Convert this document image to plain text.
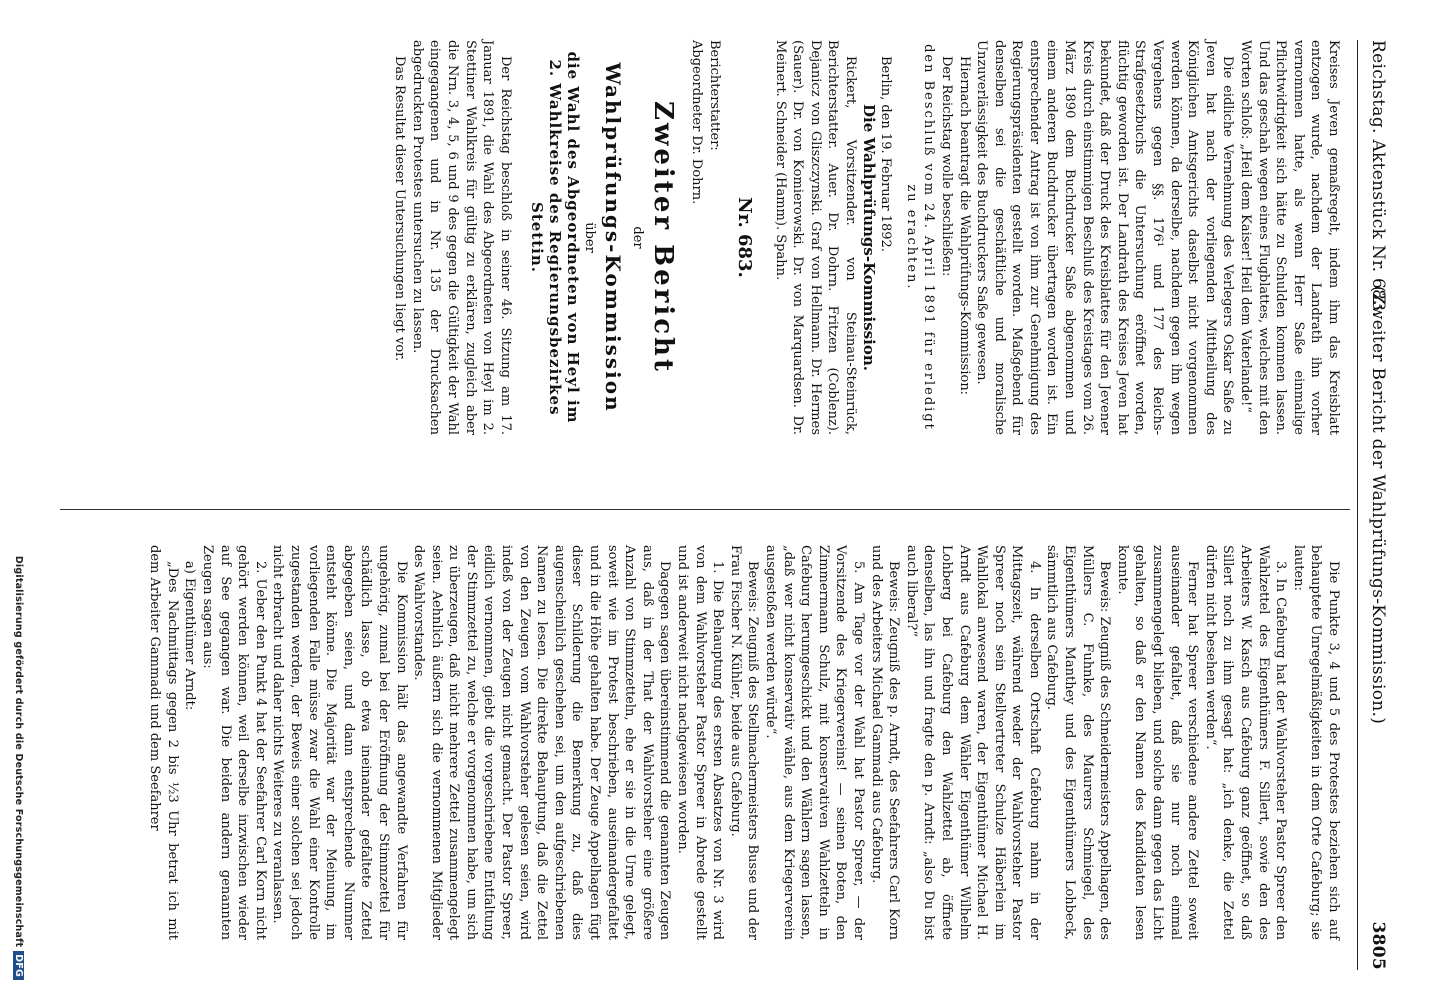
Reichstag. Aktenstück Nr. 683.
(Zweiter Bericht der Wahlprüfungs-Kommission.)
3805

Kreises Jeven gemaßregelt, indem ihm das Kreisblatt entzogen wurde, nachdem der Landrath ihn vorher vernommen hatte, als wenn Herr Saße einmalige Pflichtwidrigkeit sich hätte zu Schulden kommen lassen. Und das geschah wegen eines Flugblattes, welches mit den Worten schloß: „Heil dem Kaiser! Heil dem Vaterlande!“

Die eidliche Vernehmung des Verlegers Oskar Saße zu Jeven hat nach der vorliegenden Mittheilung des Königlichen Amtsgerichts daselbst nicht vorgenommen werden können, da derselbe, nachdem gegen ihn wegen Vergehens gegen §§. 176¹ und 177 des Reichs-Strafgesetzbuchs die Untersuchung eröffnet worden, flüchtig geworden ist. Der Landrath des Kreises Jeven hat bekundet, daß der Druck des Kreisblattes für den Jevener Kreis durch einstimmigen Beschluß des Kreistages vom 26. März 1890 dem Buchdrucker Saße abgenommen und einem anderen Buchdrucker übertragen worden ist. Ein entsprechender Antrag ist von ihm zur Genehmigung des Regierungspräsidenten gestellt worden. Maßgebend für denselben sei die geschäftliche und moralische Unzuverlässigkeit des Buchdruckers Saße gewesen.

Hiernach beantragt die Wahlprüfungs-Kommission:

Der Reichstag wolle beschließen:

den Beschluß vom 24. April 1891 für erledigt zu erachten.

Berlin, den 19. Februar 1892.

Die Wahlprüfungs-Kommission.

Rickert, Vorsitzender. von Steinau-Steinrück, Berichterstatter. Auer. Dr. Dohrn. Fritzen (Coblenz). Dejanicz von Gliszczynski. Graf von Hellmann. Dr. Hermes (Sauer). Dr. von Komierowski. Dr. von Marquardsen. Dr. Meinert. Schneider (Hamm). Spahn.

Nr. 683.

Berichterstatter:

Abgeordneter Dr. Dohrn.

Zweiter Bericht

der

Wahlprüfungs-Kommission

über

die Wahl des Abgeordneten von Heyl im 2. Wahlkreise des Regierungsbezirkes Stettin.

Der Reichstag beschloß in seiner 46. Sitzung am 17. Januar 1891, die Wahl des Abgeordneten von Heyl im 2. Stettiner Wahlkreis für gültig zu erklären, zugleich aber die Nrn. 3, 4, 5, 6 und 9 des gegen die Gültigkeit der Wahl eingegangenen und in Nr. 135 der Drucksachen abgedruckten Protestes untersuchen zu lassen.

Das Resultat dieser Untersuchungen liegt vor.

Die Punkte 3, 4 und 5 des Protestes beziehen sich auf behauptete Unregelmäßigkeiten in dem Orte Cafeburg; sie lauten:

3. In Cafeburg hat der Wahlvorsteher Pastor Spreer den Wahlzettel des Eigenthümers F. Sillert, sowie den des Arbeiters W. Kasch aus Cafeburg ganz geöffnet, so daß Sillert noch zu ihm gesagt hat: „ich denke, die Zettel dürfen nicht besehen werden“.

Ferner hat Spreer verschiedene andere Zettel soweit auseinander gefaltet, daß sie nur noch einmal zusammengelegt blieben, und solche dann gegen das Licht gehalten, so daß er den Namen des Kandidaten lesen konnte.

Beweis: Zeugniß des Schneidermeisters Appelhagen, des Müllers C. Fuhnke, des Maurers Schmiegel, des Eigenthümers Manthey und des Eigenthümers Lohbeck, sämmtlich aus Cafeburg.

4. In derselben Ortschaft Cafeburg nahm in der Mittagszeit, während weder der Wahlvorsteher Pastor Spreer noch sein Stellvertreter Schulze Häberlein im Wahllokal anwesend waren, der Eigenthümer Michael H. Arndt aus Cafeburg dem Wähler Eigenthümer Wilhelm Lohberg bei Cafeburg den Wahlzettel ab, öffnete denselben, las ihn und fragte den p. Arndt: „also Du bist auch liberal?“

Beweis: Zeugniß des p. Arndt, des Seefahrers Carl Korn und des Arbeiters Michael Gammadi aus Cafeburg.

5. Am Tage vor der Wahl hat Pastor Spreer, — der Vorsitzende des Kriegervereins! — seinen Boten, den Zimmermann Schulz, mit konservativen Wahlzetteln in Cafeburg herumgeschickt und den Wählern sagen lassen, „daß wer nicht konservativ wähle, aus dem Kriegerverein ausgestoßen werden würde“.

Beweis: Zeugniß des Stellmachermeisters Busse und der Frau Fischer N. Kühler, beide aus Cafeburg.

1. Die Behauptung des ersten Absatzes von Nr. 3 wird von dem Wahlvorsteher Pastor Spreer in Abrede gestellt und ist anderweit nicht nachgewiesen worden.

Dagegen sagen übereinstimmend die genannten Zeugen aus, daß in der That der Wahlvorsteher eine größere Anzahl von Stimmzetteln, ehe er sie in die Urne gelegt, soweit wie im Protest beschrieben, auseinandergefaltet und in die Höhe gehalten habe. Der Zeuge Appelhagen fügt dieser Schilderung die Bemerkung zu, daß dies augenscheinlich geschehen sei, um den aufgeschriebenen Namen zu lesen. Die direkte Behauptung, daß die Zettel von den Zeugen vom Wahlvorsteher gelesen seien, wird indeß von der Zeugen nicht gemacht. Der Pastor Spreer, eidlich vernommen, giebt die vorgeschriebene Entfaltung der Stimmzettel zu, welche er vorgenommen habe, um sich zu überzeugen, daß nicht mehrere Zettel zusammengelegt seien. Aehnlich äußern sich die vernommenen Mitglieder des Wahlvorstandes.

Die Kommission hält das angewandte Verfahren für ungehörig, zumal bei der Eröffnung der Stimmzettel für schädlich lasse, ob etwa ineinander gefaltete Zettel abgegeben seien, und dann entsprechende Nummer entsteht könne. Die Majorität war der Meinung, im vorliegenden Falle müsse zwar die Wahl einer Kontrolle zugestanden werden, der Beweis einer solchen sei jedoch nicht erbracht und daher nichts Weiteres zu veranlassen.

2. Ueber den Punkt 4 hat der Seefahrer Carl Korn nicht gehört werden können, weil derselbe inzwischen wieder auf See gegangen war. Die beiden andern genannten Zeugen sagen aus:

a) Eigenthümer Arndt:

„Des Nachmittags gegen 2 bis ½3 Uhr betrat ich mit dem Arbeiter Gammadi und dem Seefahrer

Digitalisierung gefördert durch die Deutsche ForschungsgemeinschaftDFG
